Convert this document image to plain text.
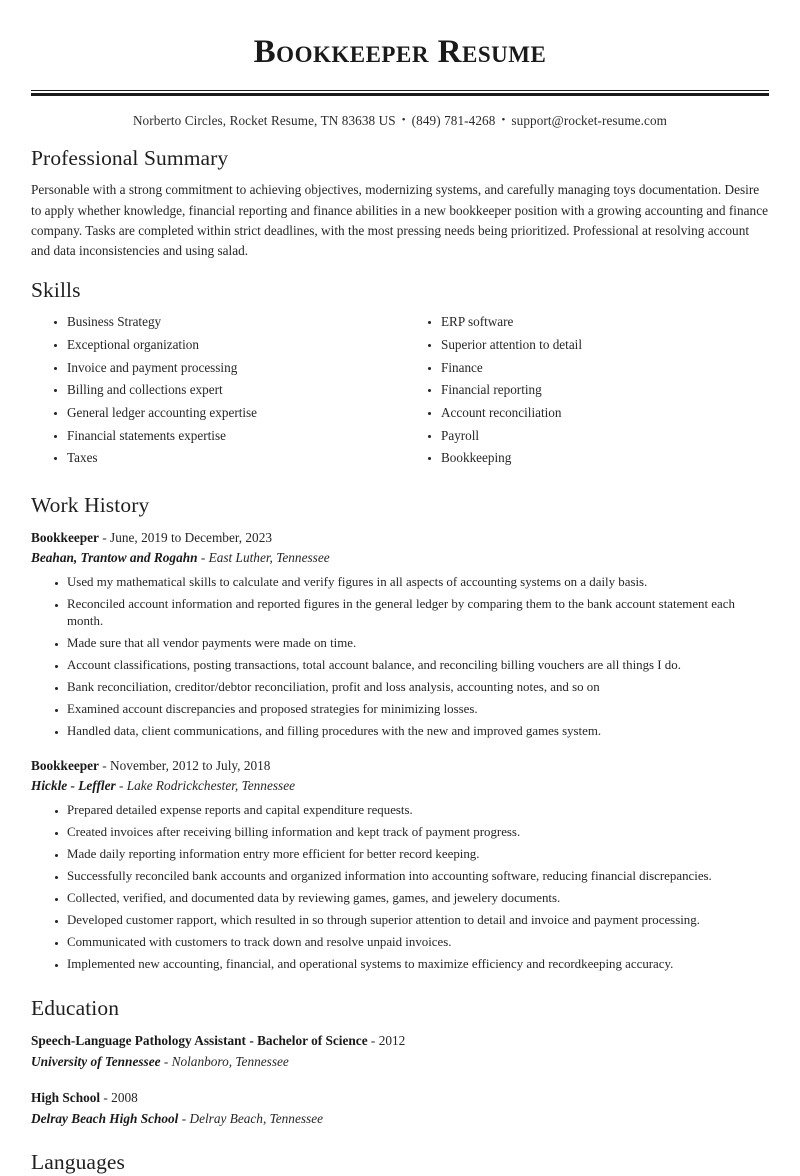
Bookkeeper Resume
Norberto Circles, Rocket Resume, TN 83638 US • (849) 781-4268 • support@rocket-resume.com
Professional Summary

Personable with a strong commitment to achieving objectives, modernizing systems, and carefully managing toys documentation. Desire to apply whether knowledge, financial reporting and finance abilities in a new bookkeeper position with a growing accounting and finance company. Tasks are completed within strict deadlines, with the most pressing needs being prioritized. Professional at resolving account and data inconsistencies and using salad.

Skills
• Business Strategy
• Exceptional organization
• Invoice and payment processing
• Billing and collections expert
• General ledger accounting expertise
• Financial statements expertise
• Taxes
• ERP software
• Superior attention to detail
• Finance
• Financial reporting
• Account reconciliation
• Payroll
• Bookkeeping
Work History
Bookkeeper - June, 2019 to December, 2023
Beahan, Trantow and Rogahn - East Luther, Tennessee
• Used my mathematical skills to calculate and verify figures in all aspects of accounting systems on a daily basis.
• Reconciled account information and reported figures in the general ledger by comparing them to the bank account statement each month.
• Made sure that all vendor payments were made on time.
• Account classifications, posting transactions, total account balance, and reconciling billing vouchers are all things I do.
• Bank reconciliation, creditor/debtor reconciliation, profit and loss analysis, accounting notes, and so on
• Examined account discrepancies and proposed strategies for minimizing losses.
• Handled data, client communications, and filling procedures with the new and improved games system.
Bookkeeper - November, 2012 to July, 2018
Hickle - Leffler - Lake Rodrickchester, Tennessee
• Prepared detailed expense reports and capital expenditure requests.
• Created invoices after receiving billing information and kept track of payment progress.
• Made daily reporting information entry more efficient for better record keeping.
• Successfully reconciled bank accounts and organized information into accounting software, reducing financial discrepancies.
• Collected, verified, and documented data by reviewing games, games, and jewelery documents.
• Developed customer rapport, which resulted in so through superior attention to detail and invoice and payment processing.
• Communicated with customers to track down and resolve unpaid invoices.
• Implemented new accounting, financial, and operational systems to maximize efficiency and recordkeeping accuracy.
Education
Speech-Language Pathology Assistant - Bachelor of Science - 2012
University of Tennessee - Nolanboro, Tennessee
High School - 2008
Delray Beach High School - Delray Beach, Tennessee
Languages
